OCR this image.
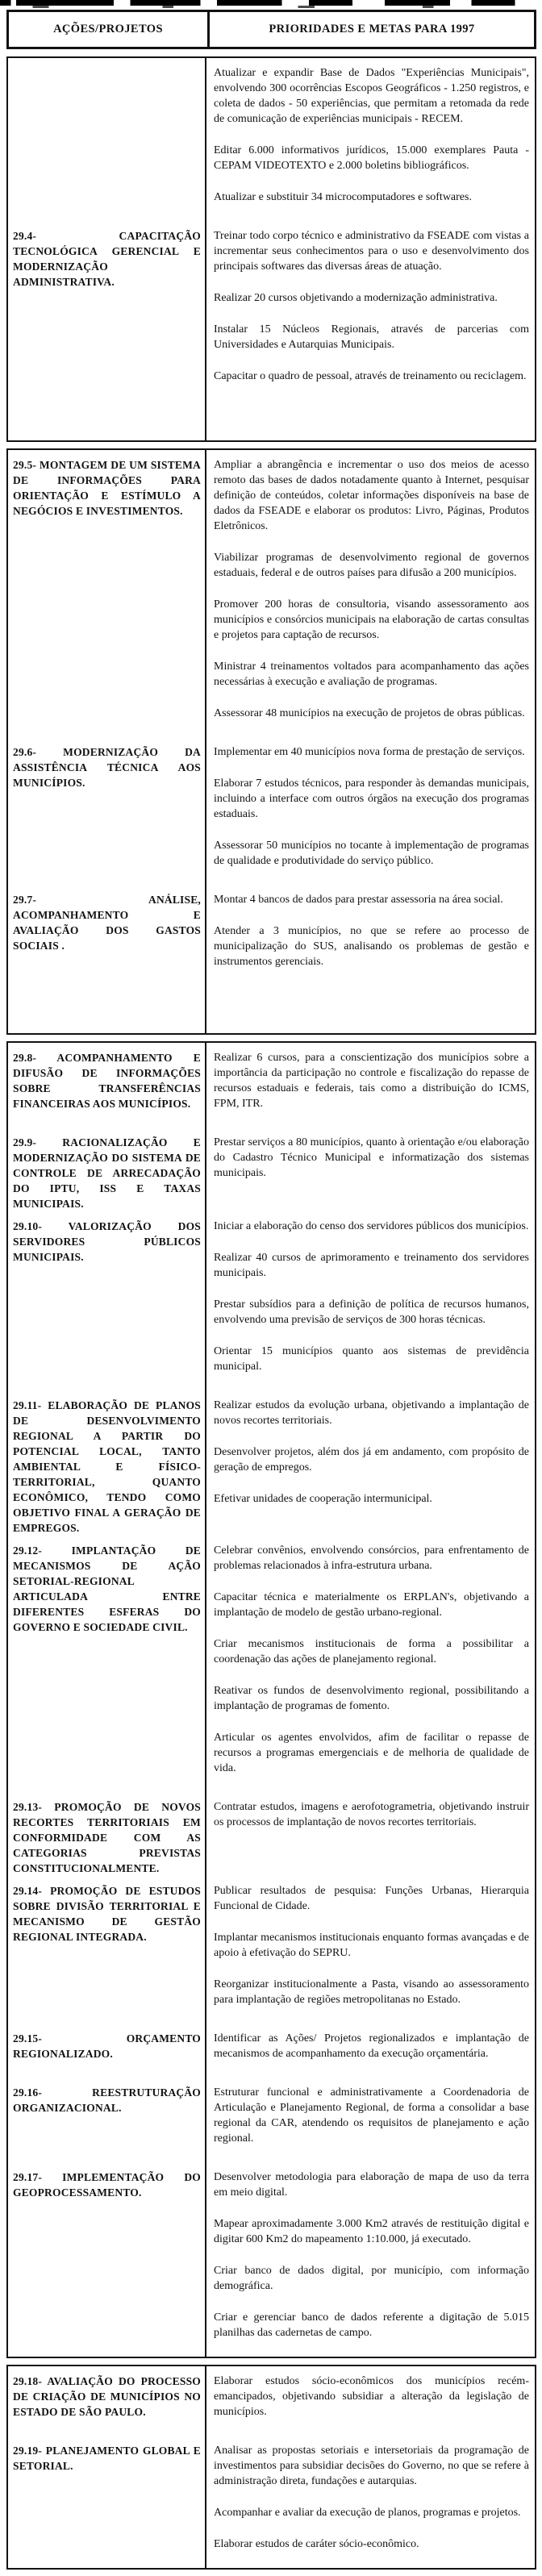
AÇÕES/PROJETOS	PRIORIDADES E METAS PARA 1997

Atualizar e expandir Base de Dados "Experiências Municipais", envolvendo 300 ocorrências Escopos Geográficos - 1.250 registros, e coleta de dados - 50 experiências, que permitam a retomada da rede de comunicação de experiências municipais - RECEM.

Editar 6.000 informativos jurídicos, 15.000 exemplares Pauta - CEPAM VIDEOTEXTO e 2.000 boletins bibliográficos.

Atualizar e substituir 34 microcomputadores e softwares.

29.4- CAPACITAÇÃO TECNOLÓGICA GERENCIAL E MODERNIZAÇÃO ADMINISTRATIVA.

Treinar todo corpo técnico e administrativo da FSEADE com vistas a incrementar seus conhecimentos para o uso e desenvolvimento dos principais softwares das diversas áreas de atuação.

Realizar 20 cursos objetivando a modernização administrativa.

Instalar 15 Núcleos Regionais, através de parcerias com Universidades e Autarquias Municipais.

Capacitar o quadro de pessoal, através de treinamento ou reciclagem.

29.5- MONTAGEM DE UM SISTEMA DE INFORMAÇÕES PARA ORIENTAÇÃO E ESTÍMULO A NEGÓCIOS E INVESTIMENTOS.

Ampliar a abrangência e incrementar o uso dos meios de acesso remoto das bases de dados notadamente quanto à Internet, pesquisar definição de conteúdos, coletar informações disponíveis na base de dados da FSEADE e elaborar os produtos: Livro, Páginas, Produtos Eletrônicos.

Viabilizar programas de desenvolvimento regional de governos estaduais, federal e de outros países para difusão a 200 municípios.

Promover 200 horas de consultoria, visando assessoramento aos municípios e consórcios municipais na elaboração de cartas consultas e projetos para captação de recursos.

Ministrar 4 treinamentos voltados para acompanhamento das ações necessárias à execução e avaliação de programas.

Assessorar 48 municípios na execução de projetos de obras públicas.

29.6- MODERNIZAÇÃO DA ASSISTÊNCIA TÉCNICA AOS MUNICÍPIOS.

Implementar em 40 municípios nova forma de prestação de serviços.

Elaborar 7 estudos técnicos, para responder às demandas municipais, incluindo a interface com outros órgãos na execução dos programas estaduais.

Assessorar 50 municípios no tocante à implementação de programas de qualidade e produtividade do serviço público.

29.7- ANÁLISE, ACOMPANHAMENTO E AVALIAÇÃO DOS GASTOS SOCIAIS .

Montar 4 bancos de dados para prestar assessoria na área social.

Atender a 3 municípios, no que se refere ao processo de municipalização do SUS, analisando os problemas de gestão e instrumentos gerenciais.

29.8- ACOMPANHAMENTO E DIFUSÃO DE INFORMAÇÕES SOBRE TRANSFERÊNCIAS FINANCEIRAS AOS MUNICÍPIOS.

Realizar 6 cursos, para a conscientização dos municípios sobre a importância da participação no controle e fiscalização do repasse de recursos estaduais e federais, tais como a distribuição do ICMS, FPM, ITR.

29.9- RACIONALIZAÇÃO E MODERNIZAÇÃO DO SISTEMA DE CONTROLE DE ARRECADAÇÃO DO IPTU, ISS E TAXAS MUNICIPAIS.

Prestar serviços a 80 municípios, quanto à orientação e/ou elaboração do Cadastro Técnico Municipal e informatização dos sistemas municipais.

29.10- VALORIZAÇÃO DOS SERVIDORES PÚBLICOS MUNICIPAIS.

Iniciar a elaboração do censo dos servidores públicos dos municípios.

Realizar 40 cursos de aprimoramento e treinamento dos servidores municipais.

Prestar subsídios para a definição de política de recursos humanos, envolvendo uma previsão de serviços de 300 horas técnicas.

Orientar 15 municípios quanto aos sistemas de previdência municipal.

29.11- ELABORAÇÃO DE PLANOS DE DESENVOLVIMENTO REGIONAL A PARTIR DO POTENCIAL LOCAL, TANTO AMBIENTAL E FÍSICO-TERRITORIAL, QUANTO ECONÔMICO, TENDO COMO OBJETIVO FINAL A GERAÇÃO DE EMPREGOS.

Realizar estudos da evolução urbana, objetivando a implantação de novos recortes territoriais.

Desenvolver projetos, além dos já em andamento, com propósito de geração de empregos.

Efetivar unidades de cooperação intermunicipal.

29.12- IMPLANTAÇÃO DE MECANISMOS DE AÇÃO SETORIAL-REGIONAL ARTICULADA ENTRE DIFERENTES ESFERAS DO GOVERNO E SOCIEDADE CIVIL.

Celebrar convênios, envolvendo consórcios, para enfrentamento de problemas relacionados à infra-estrutura urbana.

Capacitar técnica e materialmente os ERPLAN's, objetivando a implantação de modelo de gestão urbano-regional.

Criar mecanismos institucionais de forma a possibilitar a coordenação das ações de planejamento regional.

Reativar os fundos de desenvolvimento regional, possibilitando a implantação de programas de fomento.

Articular os agentes envolvidos, afim de facilitar o repasse de recursos a programas emergenciais e de melhoria de qualidade de vida.

29.13- PROMOÇÃO DE NOVOS RECORTES TERRITORIAIS EM CONFORMIDADE COM AS CATEGORIAS PREVISTAS CONSTITUCIONALMENTE.

Contratar estudos, imagens e aerofotogrametria, objetivando instruir os processos de implantação de novos recortes territoriais.

29.14- PROMOÇÃO DE ESTUDOS SOBRE DIVISÃO TERRITORIAL E MECANISMO DE GESTÃO REGIONAL INTEGRADA.

Publicar resultados de pesquisa: Funções Urbanas, Hierarquia Funcional de Cidade.

Implantar mecanismos institucionais enquanto formas avançadas e de apoio à efetivação do SEPRU.

Reorganizar institucionalmente a Pasta, visando ao assessoramento para implantação de regiões metropolitanas no Estado.

29.15- ORÇAMENTO REGIONALIZADO.

Identificar as Ações/ Projetos regionalizados e implantação de mecanismos de acompanhamento da execução orçamentária.

29.16- REESTRUTURAÇÃO ORGANIZACIONAL.

Estruturar funcional e administrativamente a Coordenadoria de Articulação e Planejamento Regional, de forma a consolidar a base regional da CAR, atendendo os requisitos de planejamento e ação regional.

29.17- IMPLEMENTAÇÃO DO GEOPROCESSAMENTO.

Desenvolver metodologia para elaboração de mapa de uso da terra em meio digital.

Mapear aproximadamente 3.000 Km2 através de restituição digital e digitar 600 Km2 do mapeamento 1:10.000, já executado.

Criar banco de dados digital, por município, com informação demográfica.

Criar e gerenciar banco de dados referente a digitação de 5.015 planilhas das cadernetas de campo.

29.18- AVALIAÇÃO DO PROCESSO DE CRIAÇÃO DE MUNICÍPIOS NO ESTADO DE SÃO PAULO.

Elaborar estudos sócio-econômicos dos municípios recém-emancipados, objetivando subsidiar a alteração da legislação de municípios.

29.19- PLANEJAMENTO GLOBAL E SETORIAL.

Analisar as propostas setoriais e intersetoriais da programação de investimentos para subsidiar decisões do Governo, no que se refere à administração direta, fundações e autarquias.

Acompanhar e avaliar da execução de planos, programas e projetos.

Elaborar estudos de caráter sócio-econômico.
